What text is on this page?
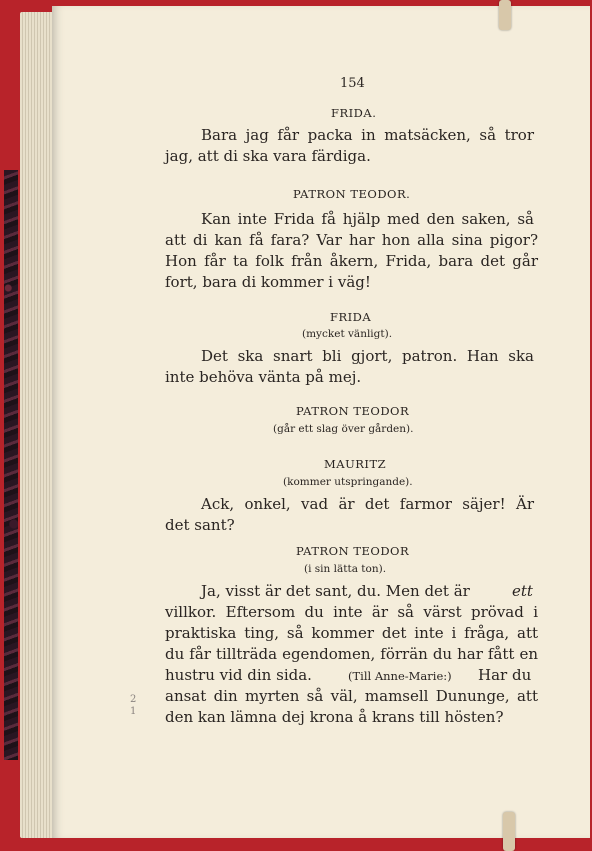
154
FRIDA.
Bara jag får packa in matsäcken, så tror
jag, att di ska vara färdiga.
PATRON TEODOR.
Kan inte Frida få hjälp med den saken, så
att di kan få fara? Var har hon alla sina pigor?
Hon får ta folk från åkern, Frida, bara det går
fort, bara di kommer i väg!
FRIDA
(mycket vänligt).
Det ska snart bli gjort, patron. Han ska
inte behöva vänta på mej.
PATRON TEODOR
(går ett slag över gården).
MAURITZ
(kommer utspringande).
Ack, onkel, vad är det farmor säjer! Är
det sant?
PATRON TEODOR
(i sin lätta ton).
Ja, visst är det sant, du. Men det är	ett
villkor. Eftersom du inte är så värst prövad i
praktiska ting, så kommer det inte i fråga, att
du får tillträda egendomen, förrän du har fått en
hustru vid din sida.	(Till Anne-Marie:) Har du
ansat din myrten så väl, mamsell Dununge, att
den kan lämna dej krona å krans till hösten?
2
1
